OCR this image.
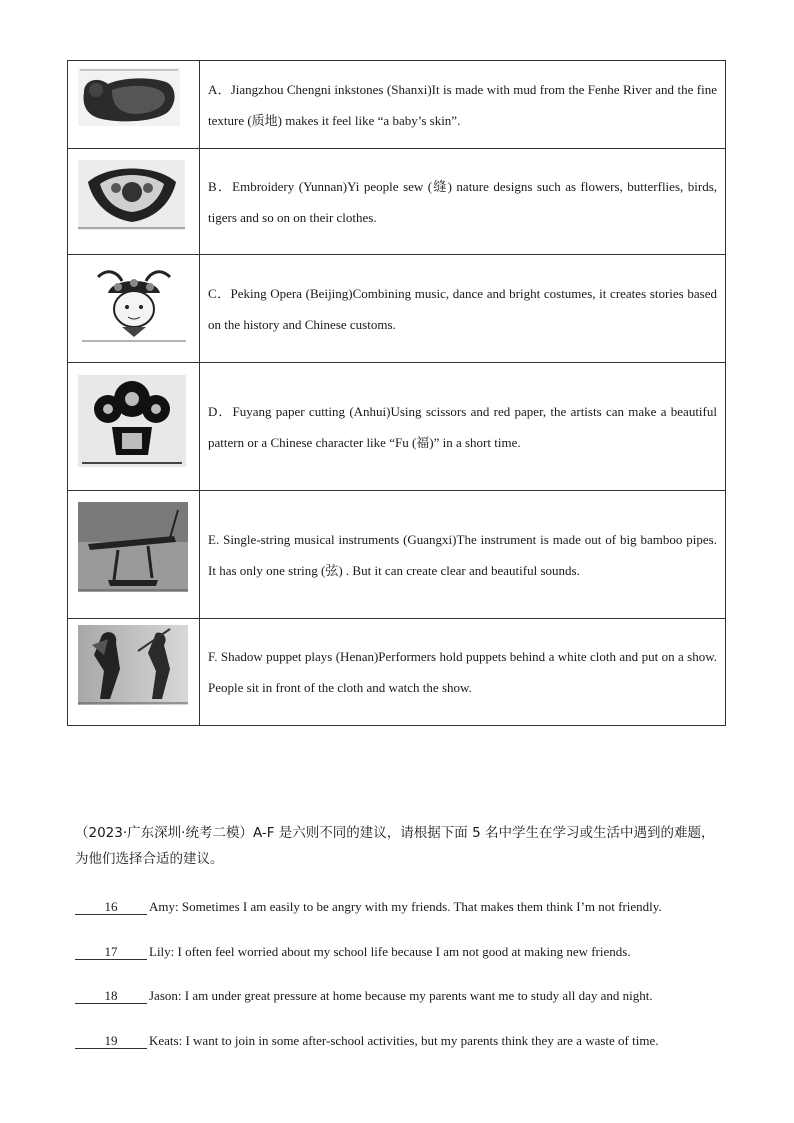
	A．Jiangzhou Chengni inkstones (Shanxi)It is made with mud from the Fenhe River and the fine texture (质地) makes it feel like “a baby’s skin”.

	B．Embroidery (Yunnan)Yi people sew (缝) nature designs such as flowers, butterflies, birds, tigers and so on on their clothes.

	C．Peking Opera (Beijing)Combining music, dance and bright costumes, it creates stories based on the history and Chinese customs.

	D．Fuyang paper cutting (Anhui)Using scissors and red paper, the artists can make a beautiful pattern or a Chinese character like “Fu (福)” in a short time.

	E. Single-string musical instruments (Guangxi)The instrument is made out of big bamboo pipes. It has only one string (弦) . But it can create clear and beautiful sounds.

	F. Shadow puppet plays (Henan)Performers hold puppets behind a white cloth and put on a show. People sit in front of the cloth and watch the show.
（2023·广东深圳·统考二模）A-F 是六则不同的建议，请根据下面 5 名中学生在学习或生活中遇到的难题，为他们选择合适的建议。
16 Amy: Sometimes I am easily to be angry with my friends. That makes them think I’m not friendly.
17 Lily: I often feel worried about my school life because I am not good at making new friends.
18 Jason: I am under great pressure at home because my parents want me to study all day and night.
19 Keats: I want to join in some after-school activities, but my parents think they are a waste of time.
